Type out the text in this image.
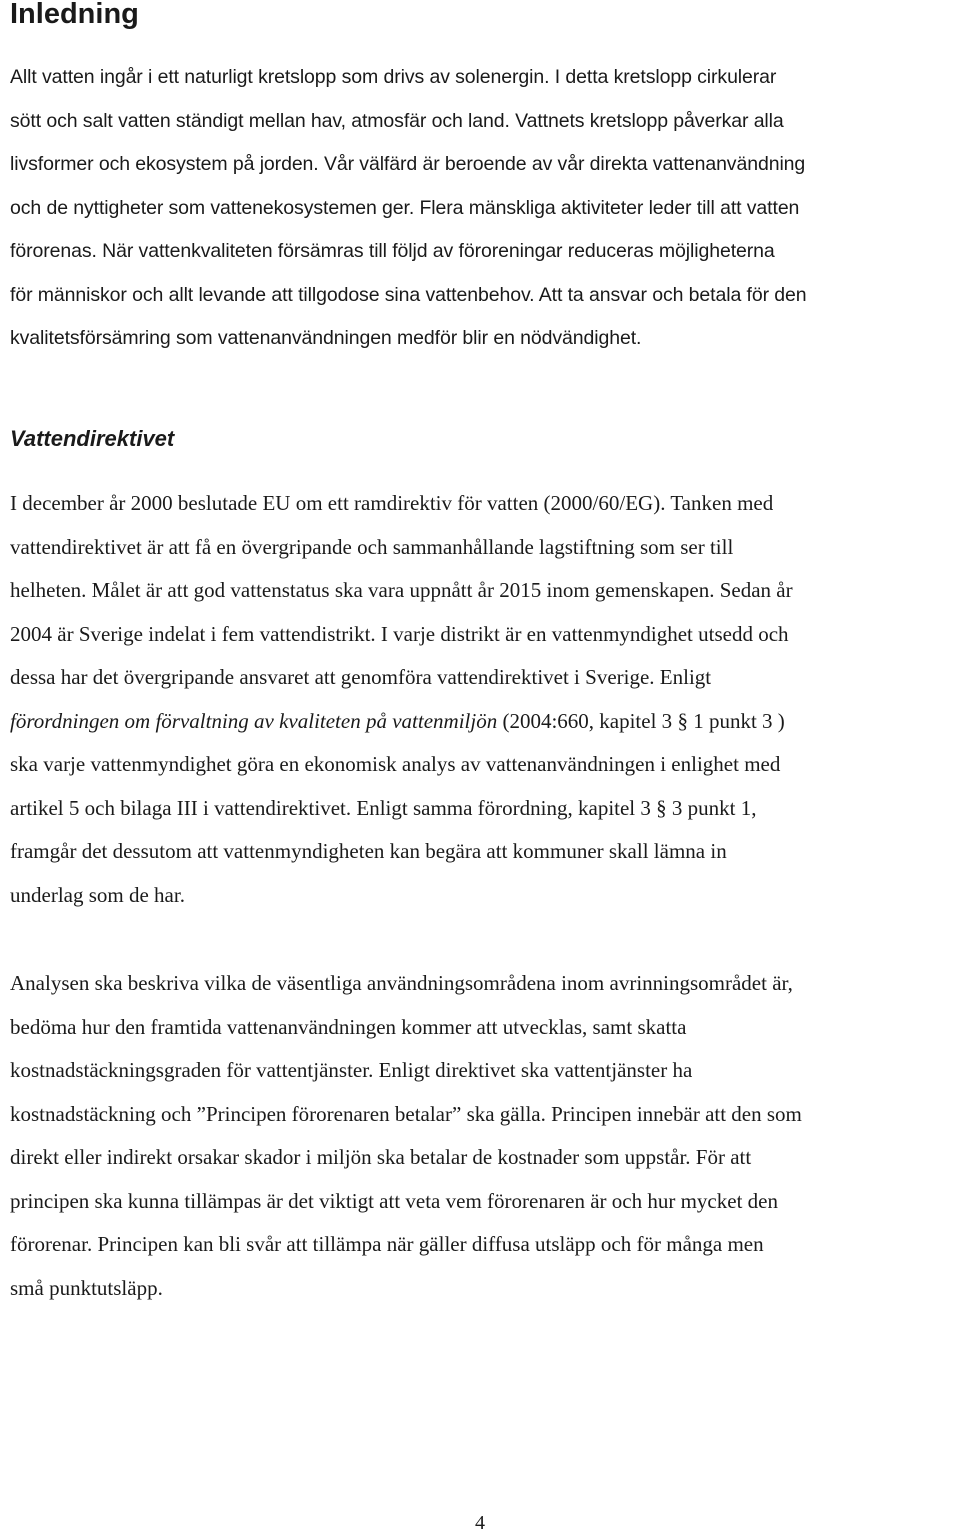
Inledning
Allt vatten ingår i ett naturligt kretslopp som drivs av solenergin. I detta kretslopp cirkulerar
sött och salt vatten ständigt mellan hav, atmosfär och land. Vattnets kretslopp påverkar alla
livsformer och ekosystem på jorden. Vår välfärd är beroende av vår direkta vattenanvändning
och de nyttigheter som vattenekosystemen ger. Flera mänskliga aktiviteter leder till att vatten
förorenas. När vattenkvaliteten försämras till följd av föroreningar reduceras möjligheterna
för människor och allt levande att tillgodose sina vattenbehov. Att ta ansvar och betala för den
kvalitetsförsämring som vattenanvändningen medför blir en nödvändighet.
Vattendirektivet
I december år 2000 beslutade EU om ett ramdirektiv för vatten (2000/60/EG). Tanken med
vattendirektivet är att få en övergripande och sammanhållande lagstiftning som ser till
helheten. Målet är att god vattenstatus ska vara uppnått år 2015 inom gemenskapen. Sedan år
2004 är Sverige indelat i fem vattendistrikt. I varje distrikt är en vattenmyndighet utsedd och
dessa har det övergripande ansvaret att genomföra vattendirektivet i Sverige. Enligt
förordningen om förvaltning av kvaliteten på vattenmiljön (2004:660, kapitel 3 § 1 punkt 3 )
ska varje vattenmyndighet göra en ekonomisk analys av vattenanvändningen i enlighet med
artikel 5 och bilaga III i vattendirektivet. Enligt samma förordning, kapitel 3 § 3 punkt 1,
framgår det dessutom att vattenmyndigheten kan begära att kommuner skall lämna in
underlag som de har.
Analysen ska beskriva vilka de väsentliga användningsområdena inom avrinningsområdet är,
bedöma hur den framtida vattenanvändningen kommer att utvecklas, samt skatta
kostnadstäckningsgraden för vattentjänster. Enligt direktivet ska vattentjänster ha
kostnadstäckning och ”Principen förorenaren betalar” ska gälla. Principen innebär att den som
direkt eller indirekt orsakar skador i miljön ska betalar de kostnader som uppstår. För att
principen ska kunna tillämpas är det viktigt att veta vem förorenaren är och hur mycket den
förorenar. Principen kan bli svår att tillämpa när gäller diffusa utsläpp och för många men
små punktutsläpp.
4
